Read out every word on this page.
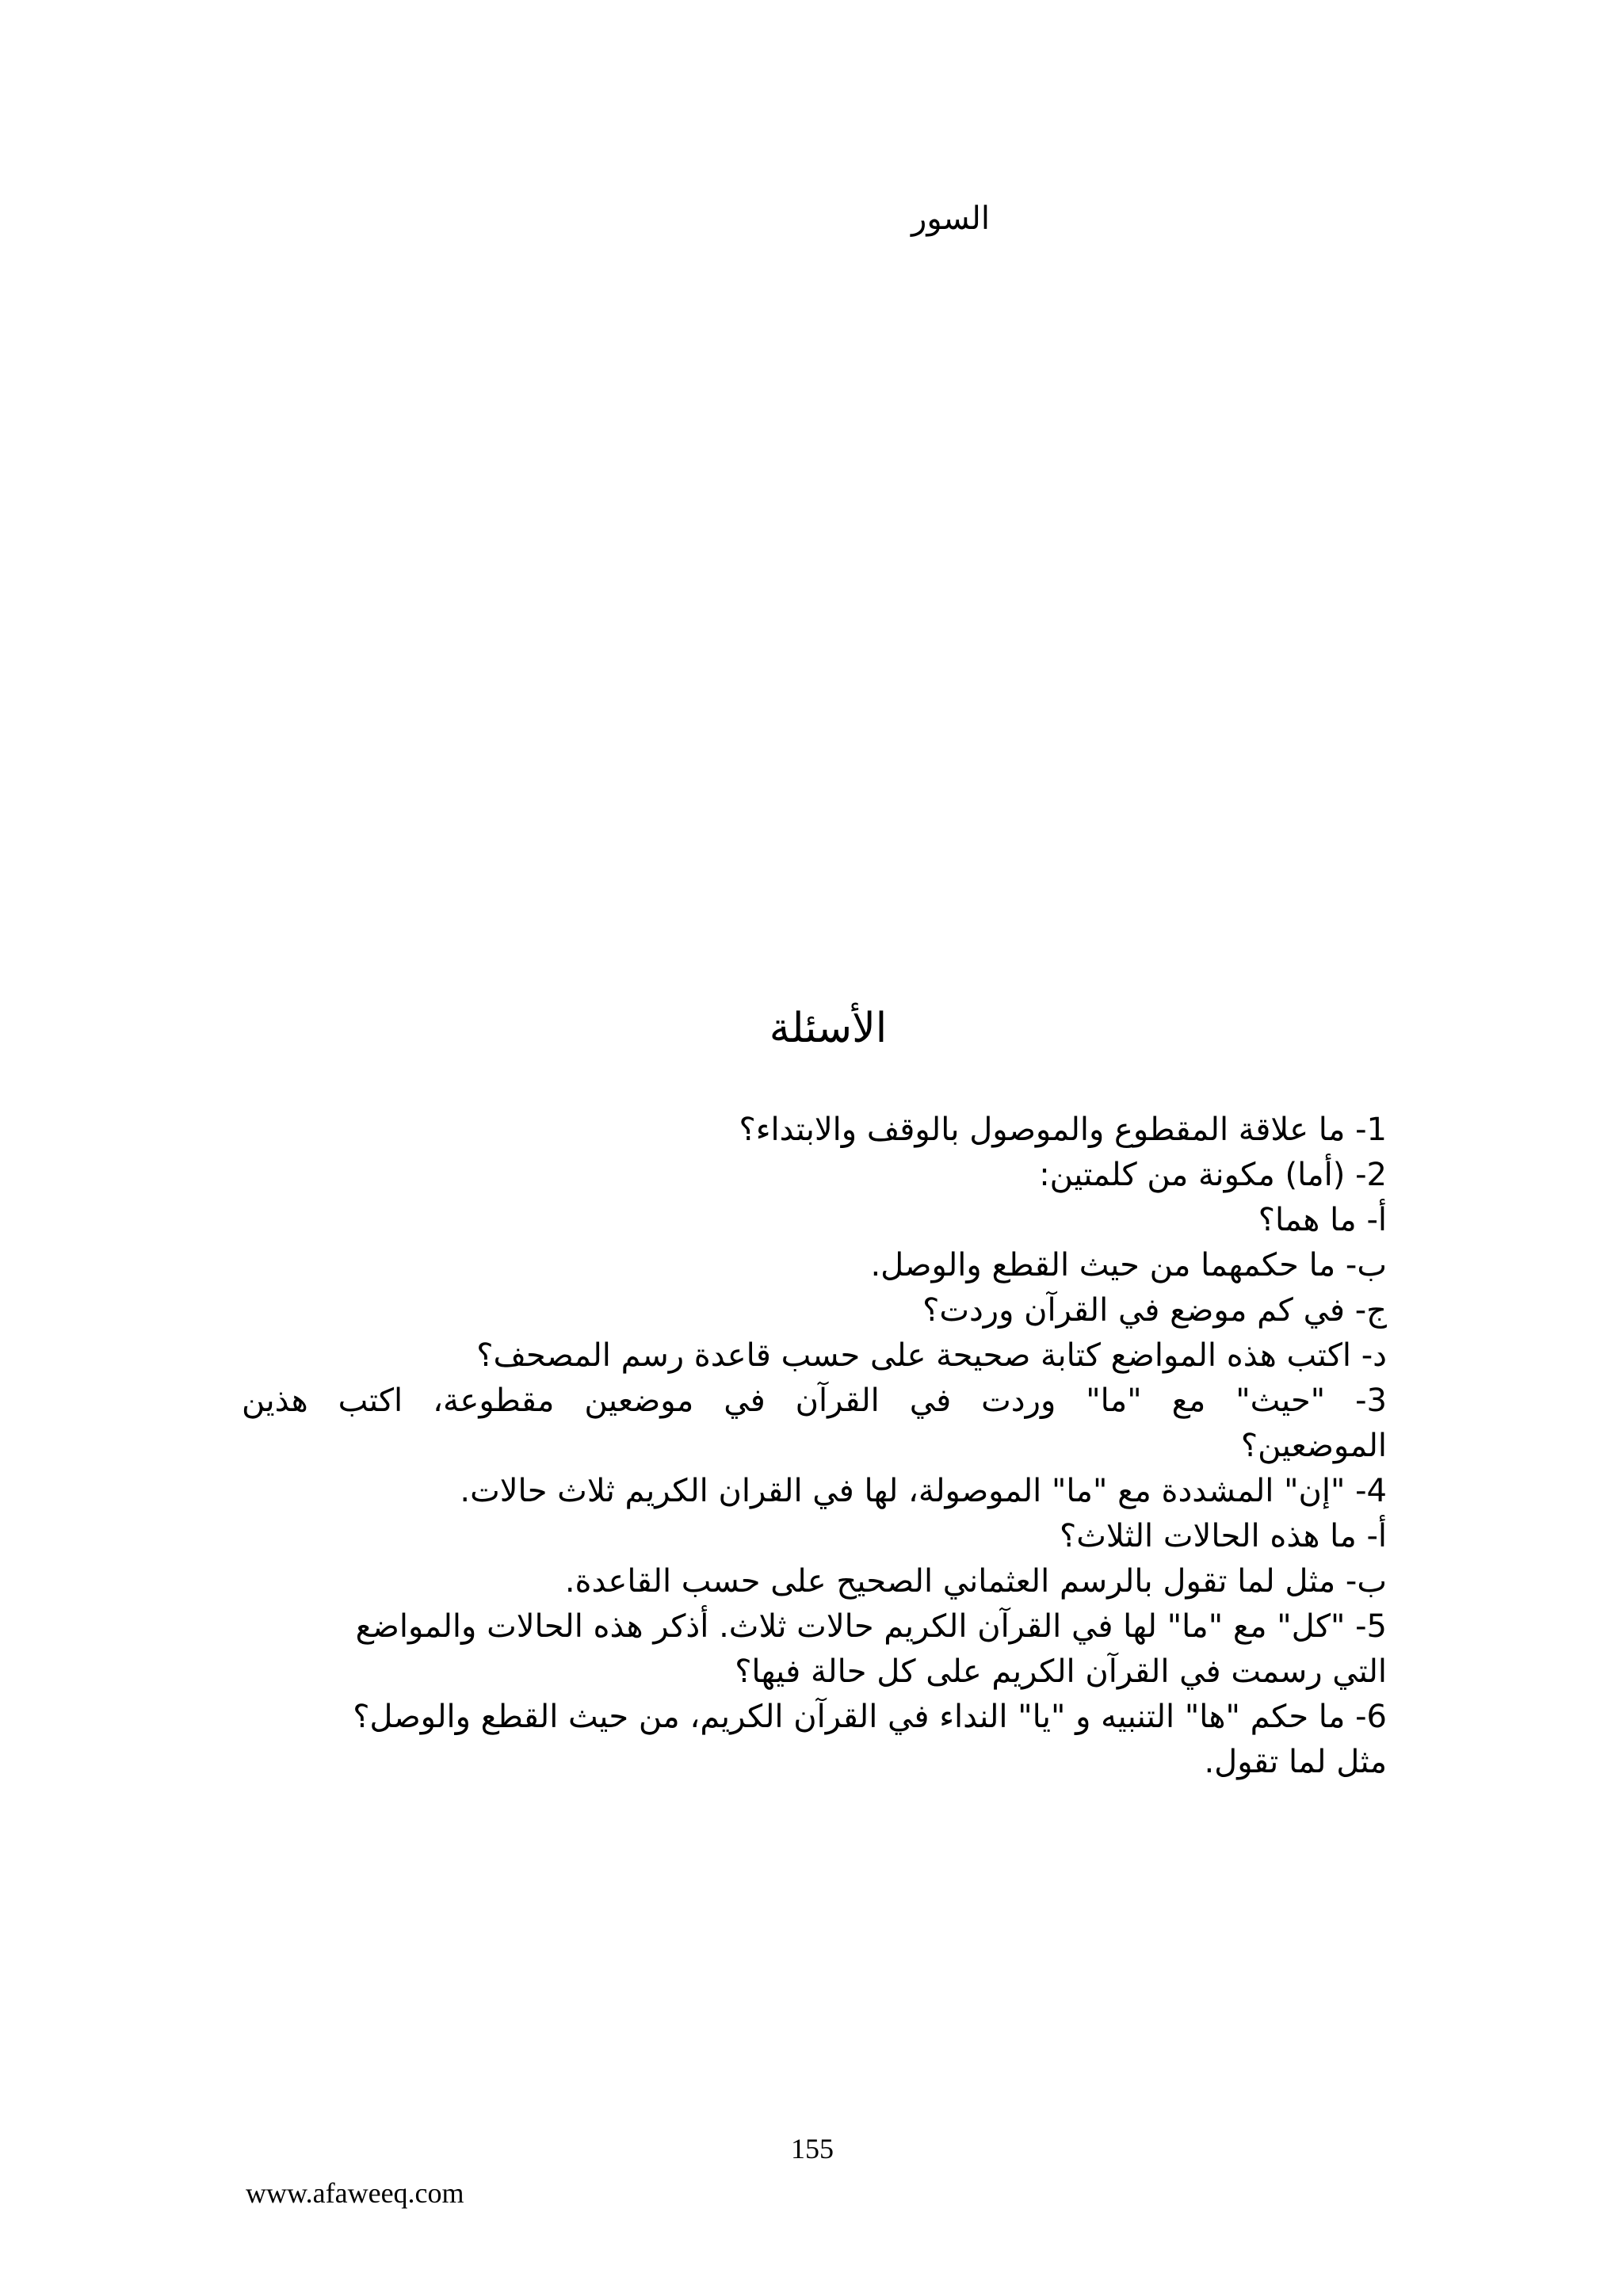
السور
الأسئلة
1- ما علاقة المقطوع والموصول بالوقف والابتداء؟
2- (أما) مكونة من كلمتين:
أ- ما هما؟
ب- ما حكمهما من حيث القطع والوصل.
ج- في كم موضع في القرآن وردت؟
د- اكتب هذه المواضع كتابة صحيحة على حسب قاعدة رسم المصحف؟
3- "حيث" مع "ما" وردت في القرآن في موضعين مقطوعة، اكتب هذين
الموضعين؟
4- "إن" المشددة مع "ما" الموصولة، لها في القران الكريم ثلاث حالات.
أ- ما هذه الحالات الثلاث؟
ب- مثل لما تقول بالرسم العثماني الصحيح على حسب القاعدة.
5- "كل" مع "ما" لها في القرآن الكريم حالات ثلاث. أذكر هذه الحالات والمواضع
التي رسمت في القرآن الكريم على كل حالة فيها؟
6- ما حكم "ها" التنبيه و "يا" النداء في القرآن الكريم، من حيث القطع والوصل؟
مثل لما تقول.
155
www.afaweeq.com
